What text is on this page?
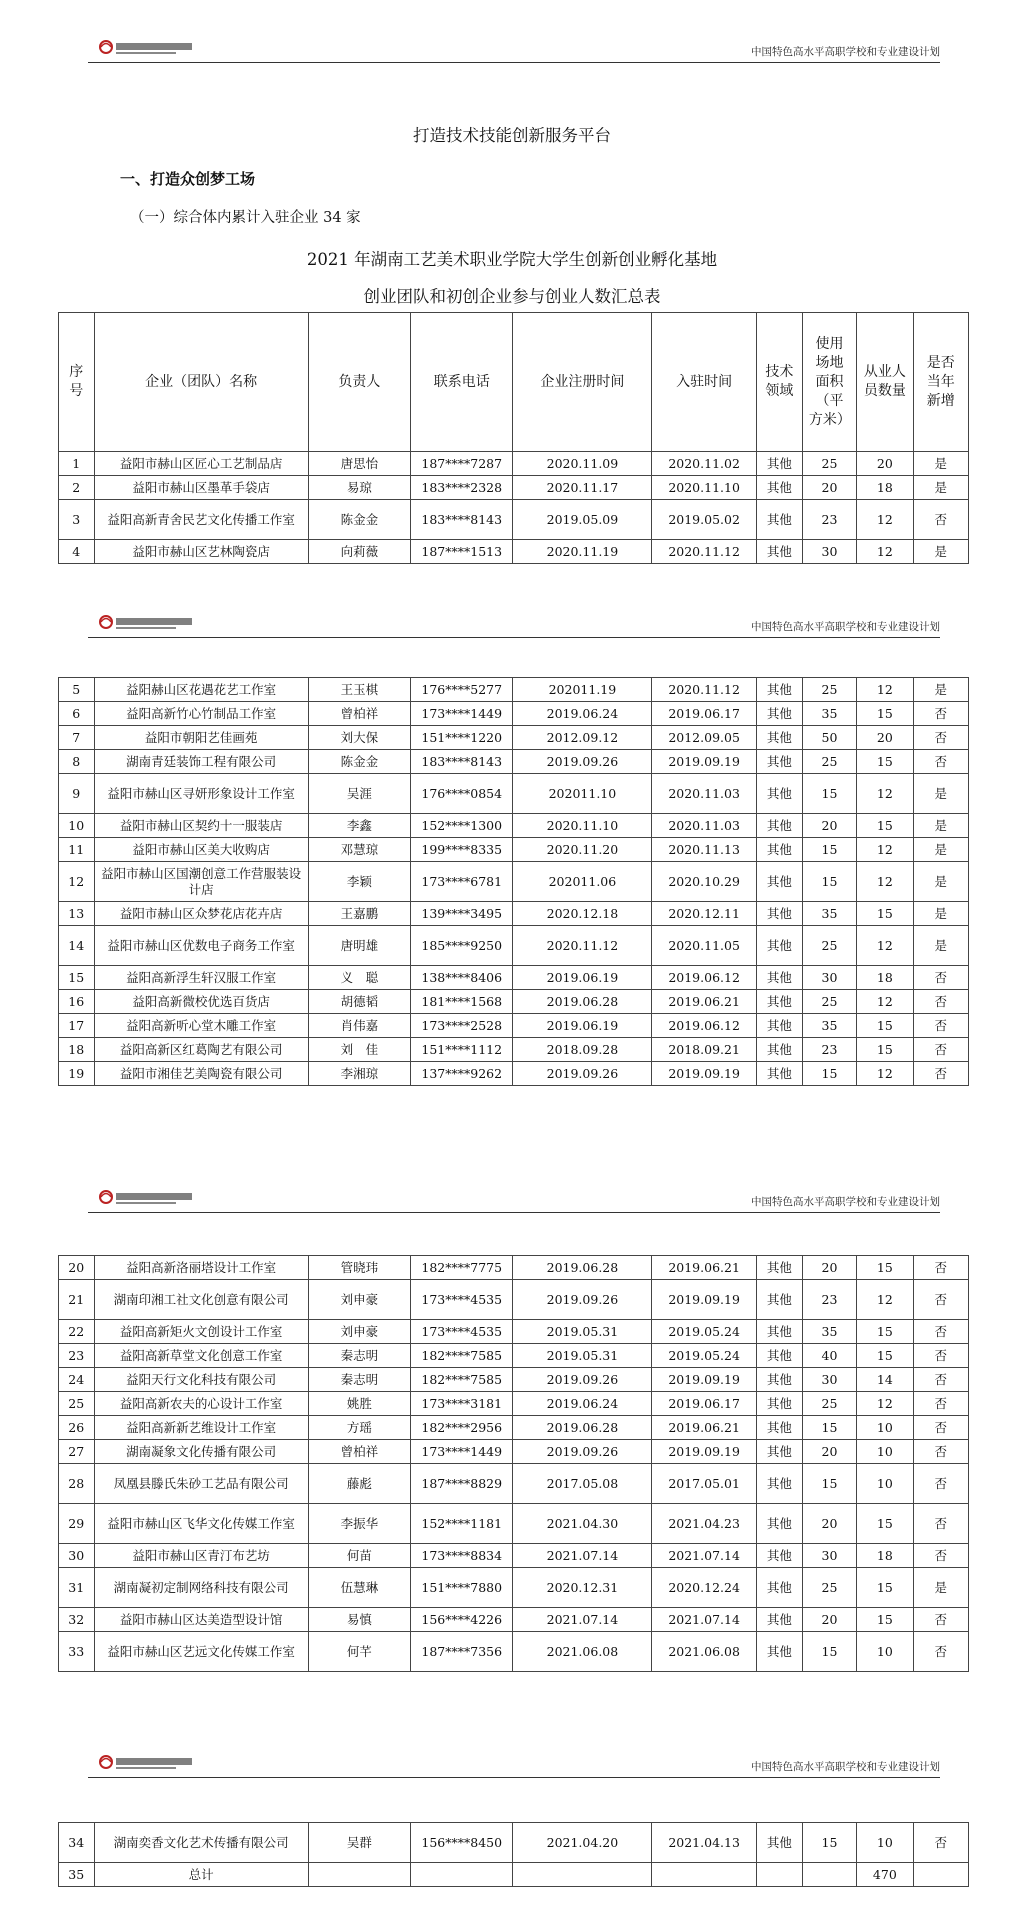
中国特色高水平高职学校和专业建设计划
中国特色高水平高职学校和专业建设计划
中国特色高水平高职学校和专业建设计划
中国特色高水平高职学校和专业建设计划
打造技术技能创新服务平台
一、打造众创梦工场
（一）综合体内累计入驻企业 34 家
2021 年湖南工艺美术职业学院大学生创新创业孵化基地
创业团队和初创企业参与创业人数汇总表
序号	企业（团队）名称	负责人	联系电话	企业注册时间	入驻时间	技术领域	使用场地面积（平方米）	从业人员数量	是否当年新增
1	益阳市赫山区匠心工艺制品店	唐思怡	187****7287	2020.11.09	2020.11.02	其他	25	20	是
2	益阳市赫山区墨革手袋店	易琼	183****2328	2020.11.17	2020.11.10	其他	20	18	是
3	益阳高新青舍民艺文化传播工作室	陈金金	183****8143	2019.05.09	2019.05.02	其他	23	12	否
4	益阳市赫山区艺林陶瓷店	向莉薇	187****1513	2020.11.19	2020.11.12	其他	30	12	是
5	益阳赫山区花遇花艺工作室	王玉棋	176****5277	202011.19	2020.11.12	其他	25	12	是
6	益阳高新竹心竹制品工作室	曾柏祥	173****1449	2019.06.24	2019.06.17	其他	35	15	否
7	益阳市朝阳艺佳画苑	刘大保	151****1220	2012.09.12	2012.09.05	其他	50	20	否
8	湖南青廷装饰工程有限公司	陈金金	183****8143	2019.09.26	2019.09.19	其他	25	15	否
9	益阳市赫山区寻妍形象设计工作室	吴涯	176****0854	202011.10	2020.11.03	其他	15	12	是
10	益阳市赫山区契约十一服装店	李鑫	152****1300	2020.11.10	2020.11.03	其他	20	15	是
11	益阳市赫山区美大收购店	邓慧琼	199****8335	2020.11.20	2020.11.13	其他	15	12	是
12	益阳市赫山区国潮创意工作营服装设计店	李颖	173****6781	202011.06	2020.10.29	其他	15	12	是
13	益阳市赫山区众梦花店花卉店	王嘉鹏	139****3495	2020.12.18	2020.12.11	其他	35	15	是
14	益阳市赫山区优数电子商务工作室	唐明雄	185****9250	2020.11.12	2020.11.05	其他	25	12	是
15	益阳高新浮生轩汉服工作室	义　聪	138****8406	2019.06.19	2019.06.12	其他	30	18	否
16	益阳高新微校优选百货店	胡德韬	181****1568	2019.06.28	2019.06.21	其他	25	12	否
17	益阳高新听心堂木雕工作室	肖伟嘉	173****2528	2019.06.19	2019.06.12	其他	35	15	否
18	益阳高新区红葛陶艺有限公司	刘　佳	151****1112	2018.09.28	2018.09.21	其他	23	15	否
19	益阳市湘佳艺美陶瓷有限公司	李湘琼	137****9262	2019.09.26	2019.09.19	其他	15	12	否
20	益阳高新洛丽塔设计工作室	管晓玮	182****7775	2019.06.28	2019.06.21	其他	20	15	否
21	湖南印湘工社文化创意有限公司	刘申豪	173****4535	2019.09.26	2019.09.19	其他	23	12	否
22	益阳高新矩火文创设计工作室	刘申豪	173****4535	2019.05.31	2019.05.24	其他	35	15	否
23	益阳高新草堂文化创意工作室	秦志明	182****7585	2019.05.31	2019.05.24	其他	40	15	否
24	益阳天行文化科技有限公司	秦志明	182****7585	2019.09.26	2019.09.19	其他	30	14	否
25	益阳高新农夫的心设计工作室	姚胜	173****3181	2019.06.24	2019.06.17	其他	25	12	否
26	益阳高新新艺维设计工作室	方瑶	182****2956	2019.06.28	2019.06.21	其他	15	10	否
27	湖南凝象文化传播有限公司	曾柏祥	173****1449	2019.09.26	2019.09.19	其他	20	10	否
28	凤凰县滕氏朱砂工艺品有限公司	藤彪	187****8829	2017.05.08	2017.05.01	其他	15	10	否
29	益阳市赫山区飞华文化传媒工作室	李振华	152****1181	2021.04.30	2021.04.23	其他	20	15	否
30	益阳市赫山区青汀布艺坊	何苗	173****8834	2021.07.14	2021.07.14	其他	30	18	否
31	湖南凝初定制网络科技有限公司	伍慧琳	151****7880	2020.12.31	2020.12.24	其他	25	15	是
32	益阳市赫山区达美造型设计馆	易慎	156****4226	2021.07.14	2021.07.14	其他	20	15	否
33	益阳市赫山区艺远文化传媒工作室	何芊	187****7356	2021.06.08	2021.06.08	其他	15	10	否
34	湖南奕香文化艺术传播有限公司	吴群	156****8450	2021.04.20	2021.04.13	其他	15	10	否
35	总计							470	
